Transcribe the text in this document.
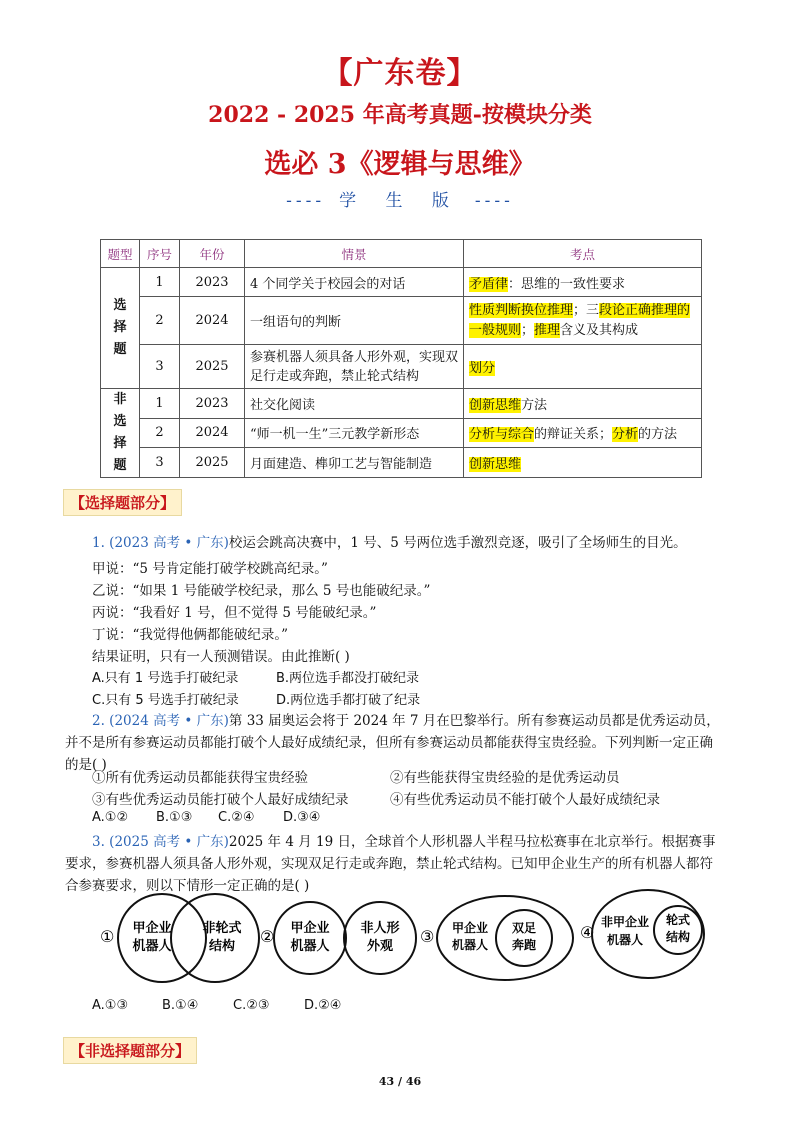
【广东卷】
2022 - 2025 年高考真题-按模块分类
选必 3《逻辑与思维》
---- 学 生 版 ----
题型	序号	年份	情景	考点

选择题	1	2023	4 个同学关于校园会的对话	矛盾律：思维的一致性要求
	2	2024	一组语句的判断	性质判断换位推理；三段论正确推理的一般规则；推理含义及其构成
	3	2025	参赛机器人须具备人形外观，实现双足行走或奔跑，禁止轮式结构	划分

非选择题	1	2023	社交化阅读	创新思维方法
	2	2024	“师一机一生”三元教学新形态	分析与综合的辩证关系；分析的方法
	3	2025	月面建造、榫卯工艺与智能制造	创新思维
【选择题部分】
1. (2023 高考 • 广东)校运会跳高决赛中，1 号、5 号两位选手激烈竞逐，吸引了全场师生的目光。
甲说：“5 号肯定能打破学校跳高纪录。”
乙说：“如果 1 号能破学校纪录，那么 5 号也能破纪录。”
丙说：“我看好 1 号，但不觉得 5 号能破纪录。”
丁说：“我觉得他俩都能破纪录。”
结果证明，只有一人预测错误。由此推断( )
A.只有 1 号选手打破纪录	B.两位选手都没打破纪录
C.只有 5 号选手打破纪录	D.两位选手都打破了纪录
2. (2024 高考 • 广东)第 33 届奥运会将于 2024 年 7 月在巴黎举行。所有参赛运动员都是优秀运动员，并不是所有参赛运动员都能打破个人最好成绩纪录，但所有参赛运动员都能获得宝贵经验。下列判断一定正确的是( )
①所有优秀运动员都能获得宝贵经验	②有些能获得宝贵经验的是优秀运动员
③有些优秀运动员能打破个人最好成绩纪录	④有些优秀运动员不能打破个人最好成绩纪录
A.①② B.①③ C.②④ D.③④
3. (2025 高考 • 广东)2025 年 4 月 19 日，全球首个人形机器人半程马拉松赛事在北京举行。根据赛事要求，参赛机器人须具备人形外观，实现双足行走或奔跑，禁止轮式结构。已知甲企业生产的所有机器人都符合参赛要求，则以下情形一定正确的是( )
① 甲企业
机器人
非轮式
结构
② 甲企业
机器人
非人形
外观
③ 甲企业
机器人
双足
奔跑
④
非甲企业
机器人
轮式
结构
A.①③	B.①④	C.②③	D.②④
【非选择题部分】
43 / 46
